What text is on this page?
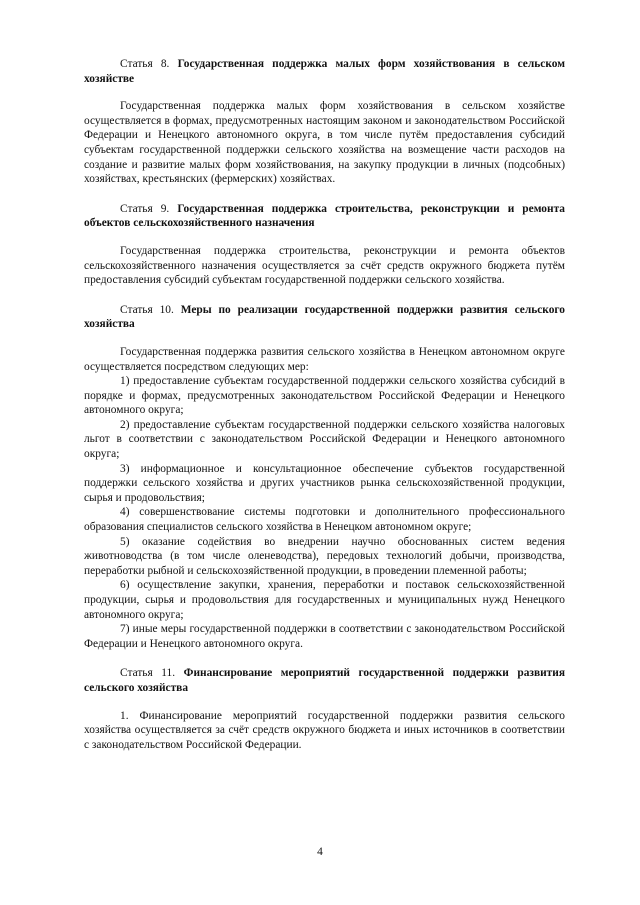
Статья 8. Государственная поддержка малых форм хозяйствования в сельском хозяйстве

Государственная поддержка малых форм хозяйствования в сельском хозяйстве осуществляется в формах, предусмотренных настоящим законом и законодательством Российской Федерации и Ненецкого автономного округа, в том числе путём предоставления субсидий субъектам государственной поддержки сельского хозяйства на возмещение части расходов на создание и развитие малых форм хозяйствования, на закупку продукции в личных (подсобных) хозяйствах, крестьянских (фермерских) хозяйствах.

Статья 9. Государственная поддержка строительства, реконструкции и ремонта объектов сельскохозяйственного назначения

Государственная поддержка строительства, реконструкции и ремонта объектов сельскохозяйственного назначения осуществляется за счёт средств окружного бюджета путём предоставления субсидий субъектам государственной поддержки сельского хозяйства.

Статья 10. Меры по реализации государственной поддержки развития сельского хозяйства

Государственная поддержка развития сельского хозяйства в Ненецком автономном округе осуществляется посредством следующих мер:

1) предоставление субъектам государственной поддержки сельского хозяйства субсидий в порядке и формах, предусмотренных законодательством Российской Федерации и Ненецкого автономного округа;

2) предоставление субъектам государственной поддержки сельского хозяйства налоговых льгот в соответствии с законодательством Российской Федерации и Ненецкого автономного округа;

3) информационное и консультационное обеспечение субъектов государственной поддержки сельского хозяйства и других участников рынка сельскохозяйственной продукции, сырья и продовольствия;

4) совершенствование системы подготовки и дополнительного профессионального образования специалистов сельского хозяйства в Ненецком автономном округе;

5) оказание содействия во внедрении научно обоснованных систем ведения животноводства (в том числе оленеводства), передовых технологий добычи, производства, переработки рыбной и сельскохозяйственной продукции, в проведении племенной работы;

6) осуществление закупки, хранения, переработки и поставок сельскохозяйственной продукции, сырья и продовольствия для государственных и муниципальных нужд Ненецкого автономного округа;

7) иные меры государственной поддержки в соответствии с законодательством Российской Федерации и Ненецкого автономного округа.

Статья 11. Финансирование мероприятий государственной поддержки развития сельского хозяйства

1. Финансирование мероприятий государственной поддержки развития сельского хозяйства осуществляется за счёт средств окружного бюджета и иных источников в соответствии с законодательством Российской Федерации.

4
